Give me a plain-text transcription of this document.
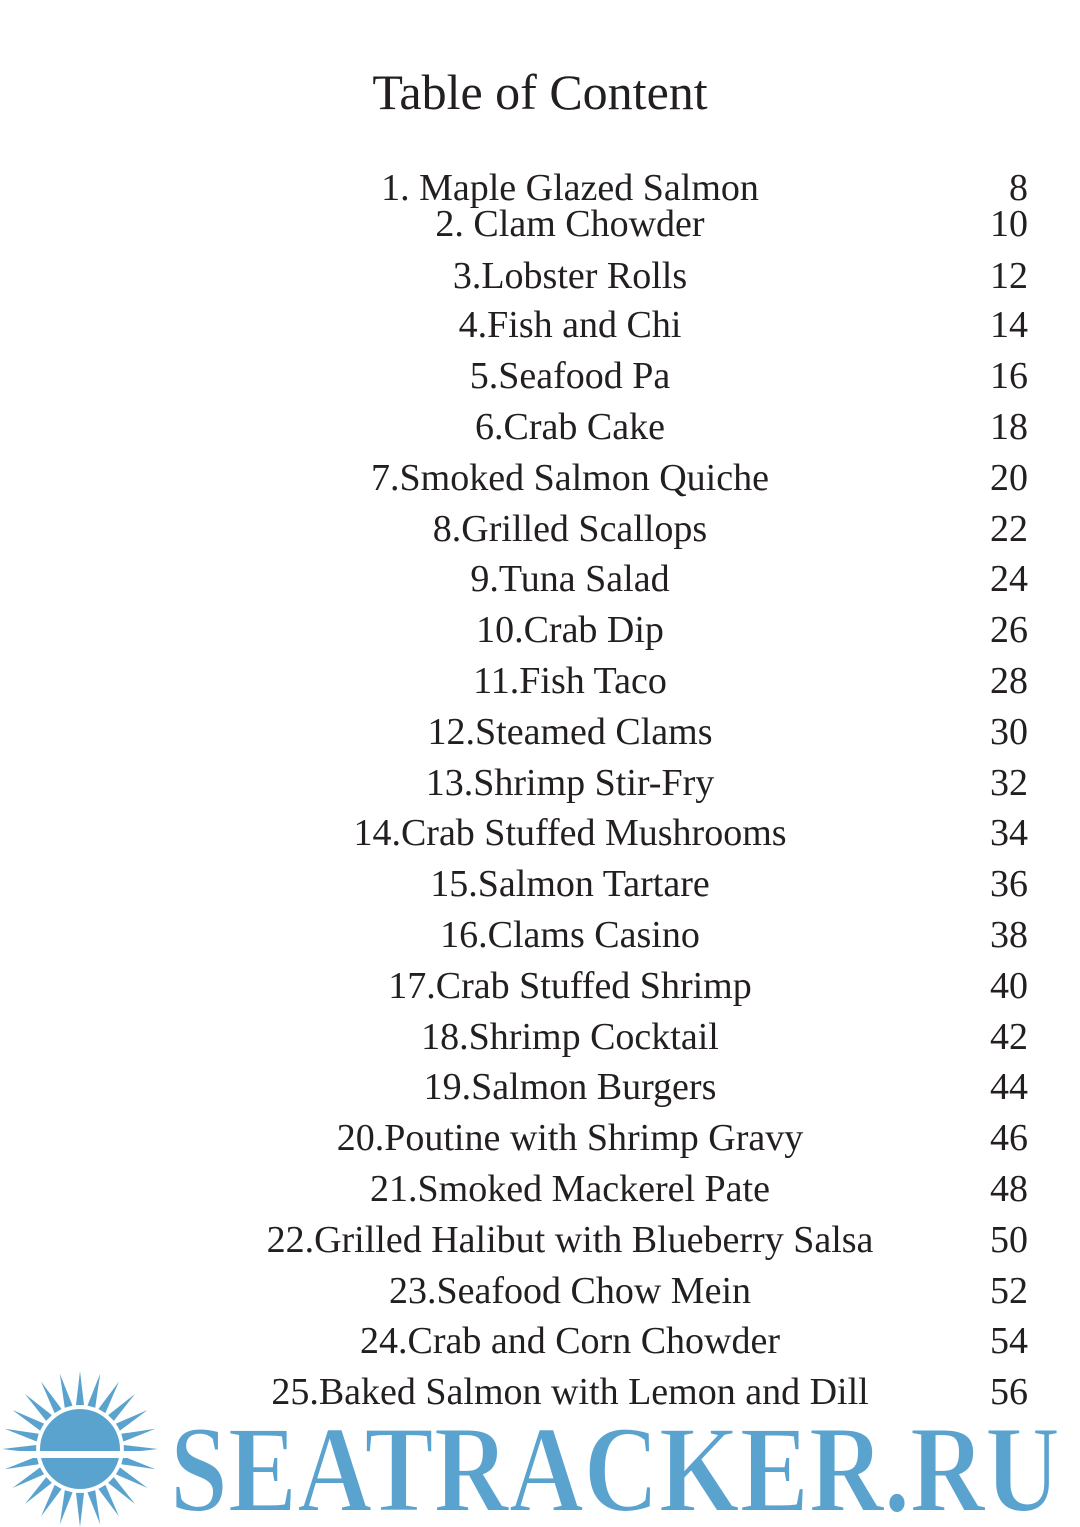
Table of Content
1. Maple Glazed Salmon	8
2. Clam Chowder	10
3.Lobster Rolls	12
4.Fish and Chi	14
5.Seafood Pa	16
6.Crab Cake	18
7.Smoked Salmon Quiche	20
8.Grilled Scallops	22
9.Tuna Salad	24
10.Crab Dip	26
11.Fish Taco	28
12.Steamed Clams	30
13.Shrimp Stir-Fry	32
14.Crab Stuffed Mushrooms	34
15.Salmon Tartare	36
16.Clams Casino	38
17.Crab Stuffed Shrimp	40
18.Shrimp Cocktail	42
19.Salmon Burgers	44
20.Poutine with Shrimp Gravy	46
21.Smoked Mackerel Pate	48
22.Grilled Halibut with Blueberry Salsa	50
23.Seafood Chow Mein	52
24.Crab and Corn Chowder	54
25.Baked Salmon with Lemon and Dill	56
SEATRACKER.RU
